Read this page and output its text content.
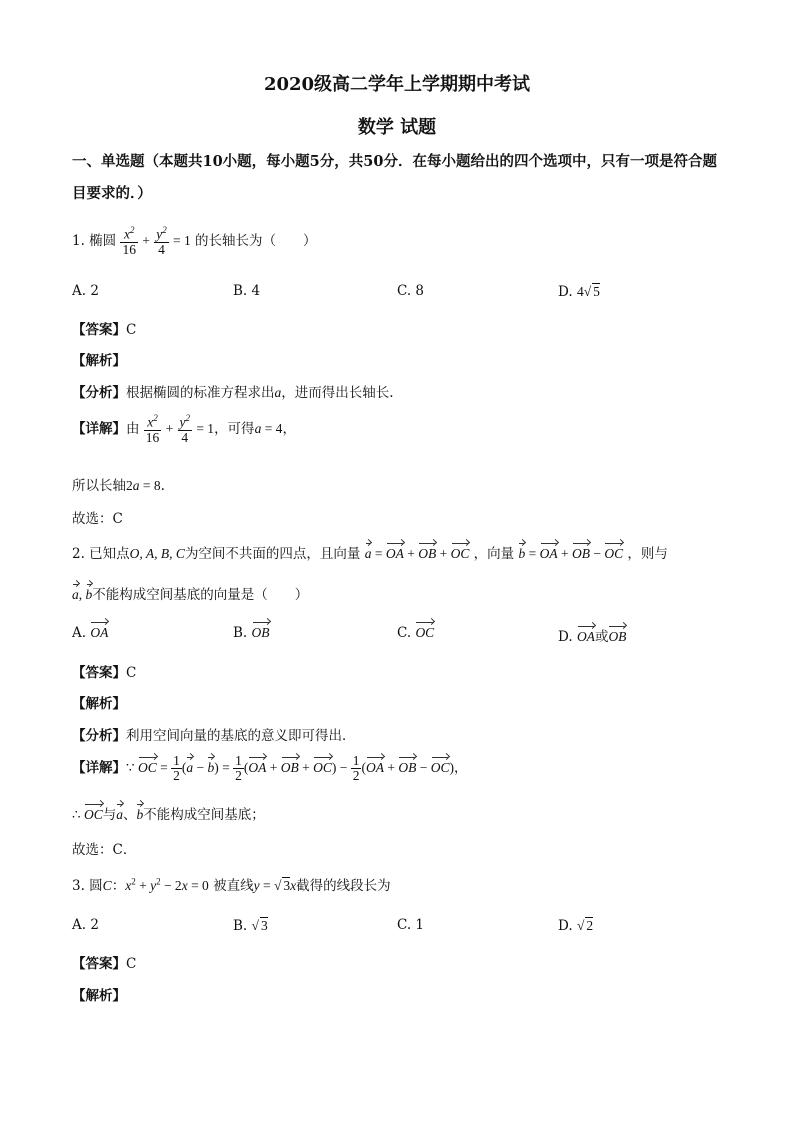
2020级高二学年上学期期中考试
数学 试题
一、单选题（本题共10小题，每小题5分，共50分．在每小题给出的四个选项中，只有一项是符合题目要求的．）
1. 椭圆 $\frac{x^2}{16} + \frac{y^2}{4} = 1$ 的长轴长为（　　）
A. 2	B. 4	C. 8	D. 4√ 5
【答案】C
【解析】
【分析】根据椭圆的标准方程求出a，进而得出长轴长.
【详解】由 $\frac{x^2}{16} + \frac{y^2}{4} = 1$，可得a = 4，
所以长轴2a = 8.
故选：C
2. 已知点O, A, B, C为空间不共面的四点，且向量 a = OA + OB + OC ，向量 b = OA + OB − OC ，则与
a, b不能构成空间基底的向量是（　　）
A. OA	B. OB	C. OC	D. OA或OB
【答案】C
【解析】
【分析】利用空间向量的基底的意义即可得出．
【详解】∵ OC = $\frac{1}{2} (a - b) = \frac{1}{2} (OA$ + OB + $OC) - \frac{1}{2} (OA$ + OB − OC)，
∴ OC与a、b不能构成空间基底；
故选：C．
3. 圆C：$x^2 + y^2 - 2x = 0$ 被直线y = √ 3x截得的线段长为
A. 2	B. √ 3	C. 1	D. √ 2
【答案】C
【解析】
